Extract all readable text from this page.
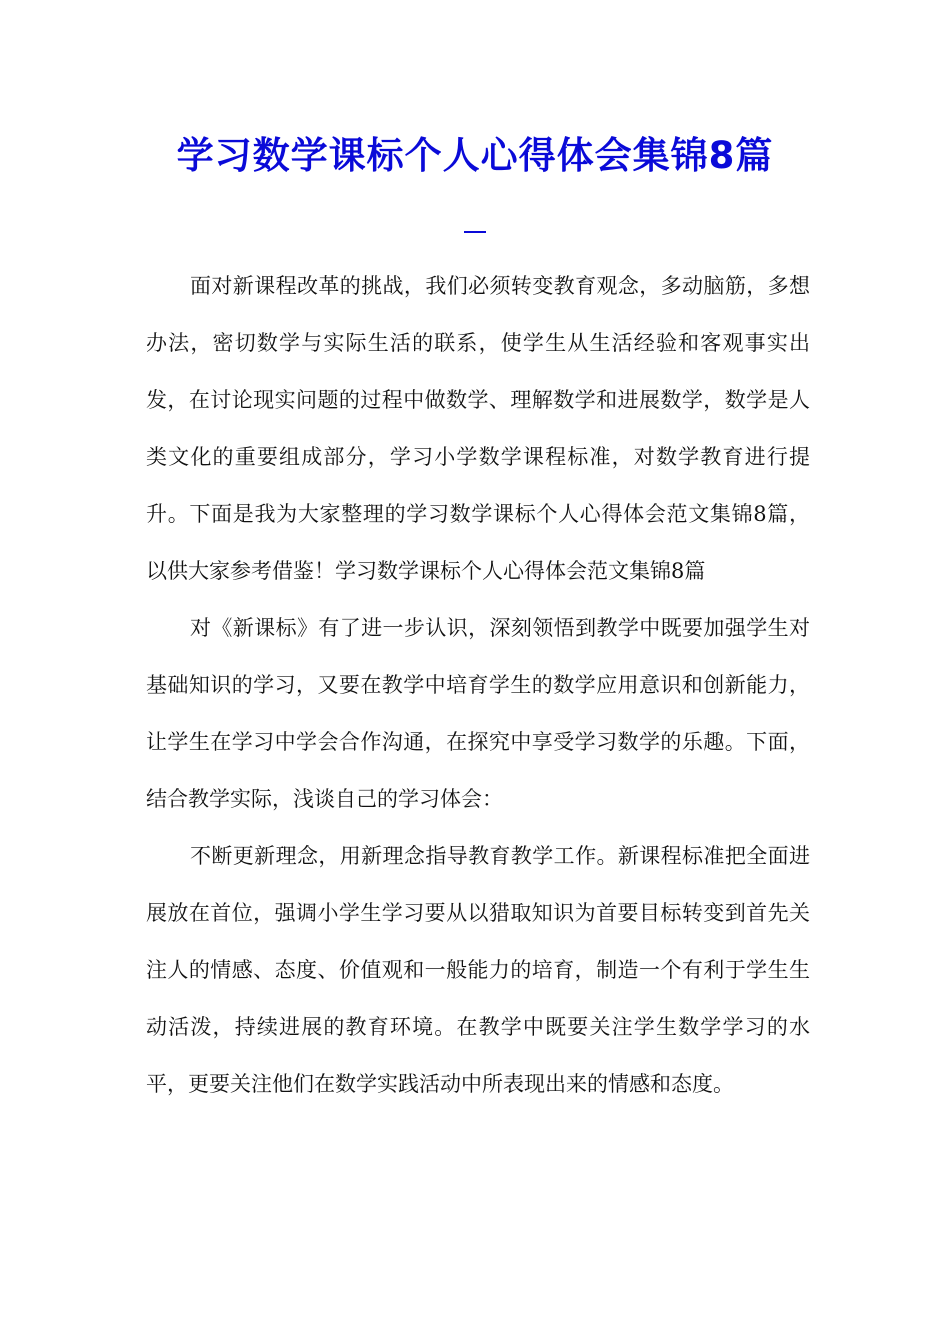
学习数学课标个人心得体会集锦8篇

面对新课程改革的挑战，我们必须转变教育观念，多动脑筋，多想办法，密切数学与实际生活的联系，使学生从生活经验和客观事实出发，在讨论现实问题的过程中做数学、理解数学和进展数学，数学是人类文化的重要组成部分，学习小学数学课程标准，对数学教育进行提升。下面是我为大家整理的学习数学课标个人心得体会范文集锦8篇，以供大家参考借鉴！学习数学课标个人心得体会范文集锦8篇

对《新课标》有了进一步认识，深刻领悟到教学中既要加强学生对基础知识的学习，又要在教学中培育学生的数学应用意识和创新能力，让学生在学习中学会合作沟通，在探究中享受学习数学的乐趣。下面，结合教学实际，浅谈自己的学习体会：

不断更新理念，用新理念指导教育教学工作。新课程标准把全面进展放在首位，强调小学生学习要从以猎取知识为首要目标转变到首先关注人的情感、态度、价值观和一般能力的培育，制造一个有利于学生生动活泼，持续进展的教育环境。在教学中既要关注学生数学学习的水平，更要关注他们在数学实践活动中所表现出来的情感和态度。
